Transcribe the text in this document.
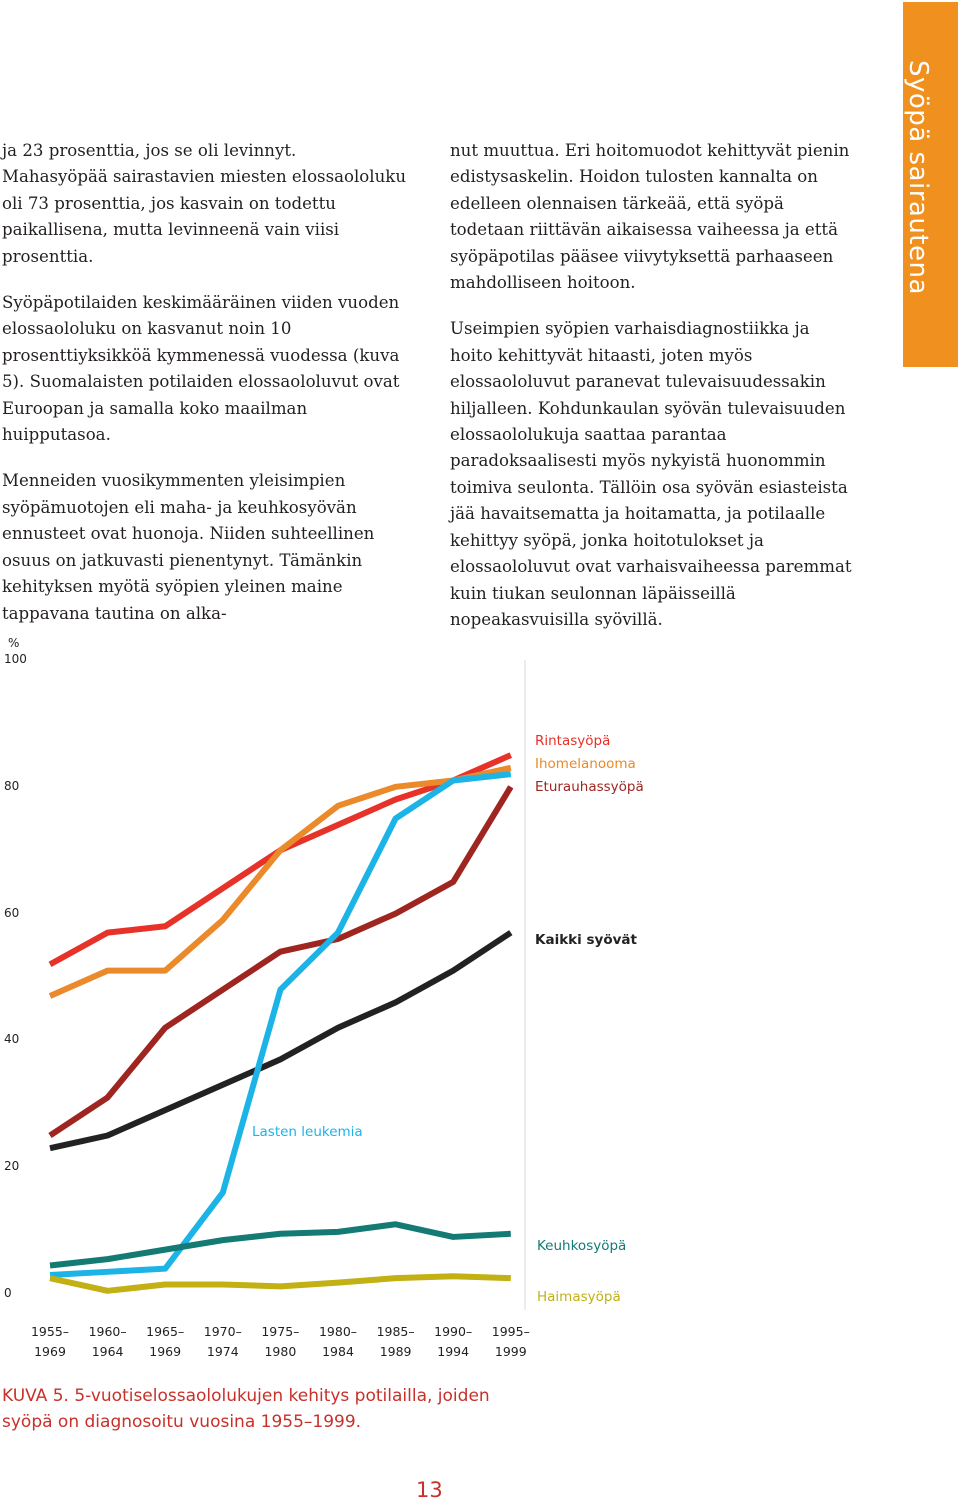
Syöpä sairautena

ja 23 prosenttia, jos se oli levinnyt. Mahasyöpää sairastavien miesten elossaololuku oli 73 prosenttia, jos kasvain on todettu paikallisena, mutta levinneenä vain viisi prosenttia.

Syöpäpotilaiden keskimääräinen viiden vuoden elossaololuku on kasvanut noin 10 prosenttiyksikköä kymmenessä vuodessa (kuva 5). Suomalaisten potilaiden elossaololuvut ovat Euroopan ja samalla koko maailman huipputasoa.

Menneiden vuosikymmenten yleisimpien syöpämuotojen eli maha- ja keuhkosyövän ennusteet ovat huonoja. Niiden suhteellinen osuus on jatkuvasti pienentynyt. Tämänkin kehityksen myötä syöpien yleinen maine tappavana tautina on alka-

nut muuttua. Eri hoitomuodot kehittyvät pienin edistysaskelin. Hoidon tulosten kannalta on edelleen olennaisen tärkeää, että syöpä todetaan riittävän aikaisessa vaiheessa ja että syöpäpotilas pääsee viivytyksettä parhaaseen mahdolliseen hoitoon.

Useimpien syöpien varhaisdiagnostiikka ja hoito kehittyvät hitaasti, joten myös elossaololuvut paranevat tulevaisuudessakin hiljalleen. Kohdunkaulan syövän tulevaisuuden elossaololukuja saattaa parantaa paradoksaalisesti myös nykyistä huonommin toimiva seulonta. Tällöin osa syövän esiasteista jää havaitsematta ja hoitamatta, ja potilaalle kehittyy syöpä, jonka hoitotulokset ja elossaololuvut ovat varhaisvaiheessa paremmat kuin tiukan seulonnan läpäisseillä nopeakasvuisilla syövillä.

%
100
80
60
40
20
0
1955–
1969
1960–
1964
1965–
1969
1970–
1974
1975–
1980
1980–
1984
1985–
1989
1990–
1994
1995–
1999
Rintasyöpä
Ihomelanooma
Eturauhassyöpä
Kaikki syövät
Lasten leukemia
Keuhkosyöpä
Haimasyöpä
KUVA 5. 5-vuotiselossaololukujen kehitys potilailla, joiden syöpä on diagnosoitu vuosina 1955–1999.
13
